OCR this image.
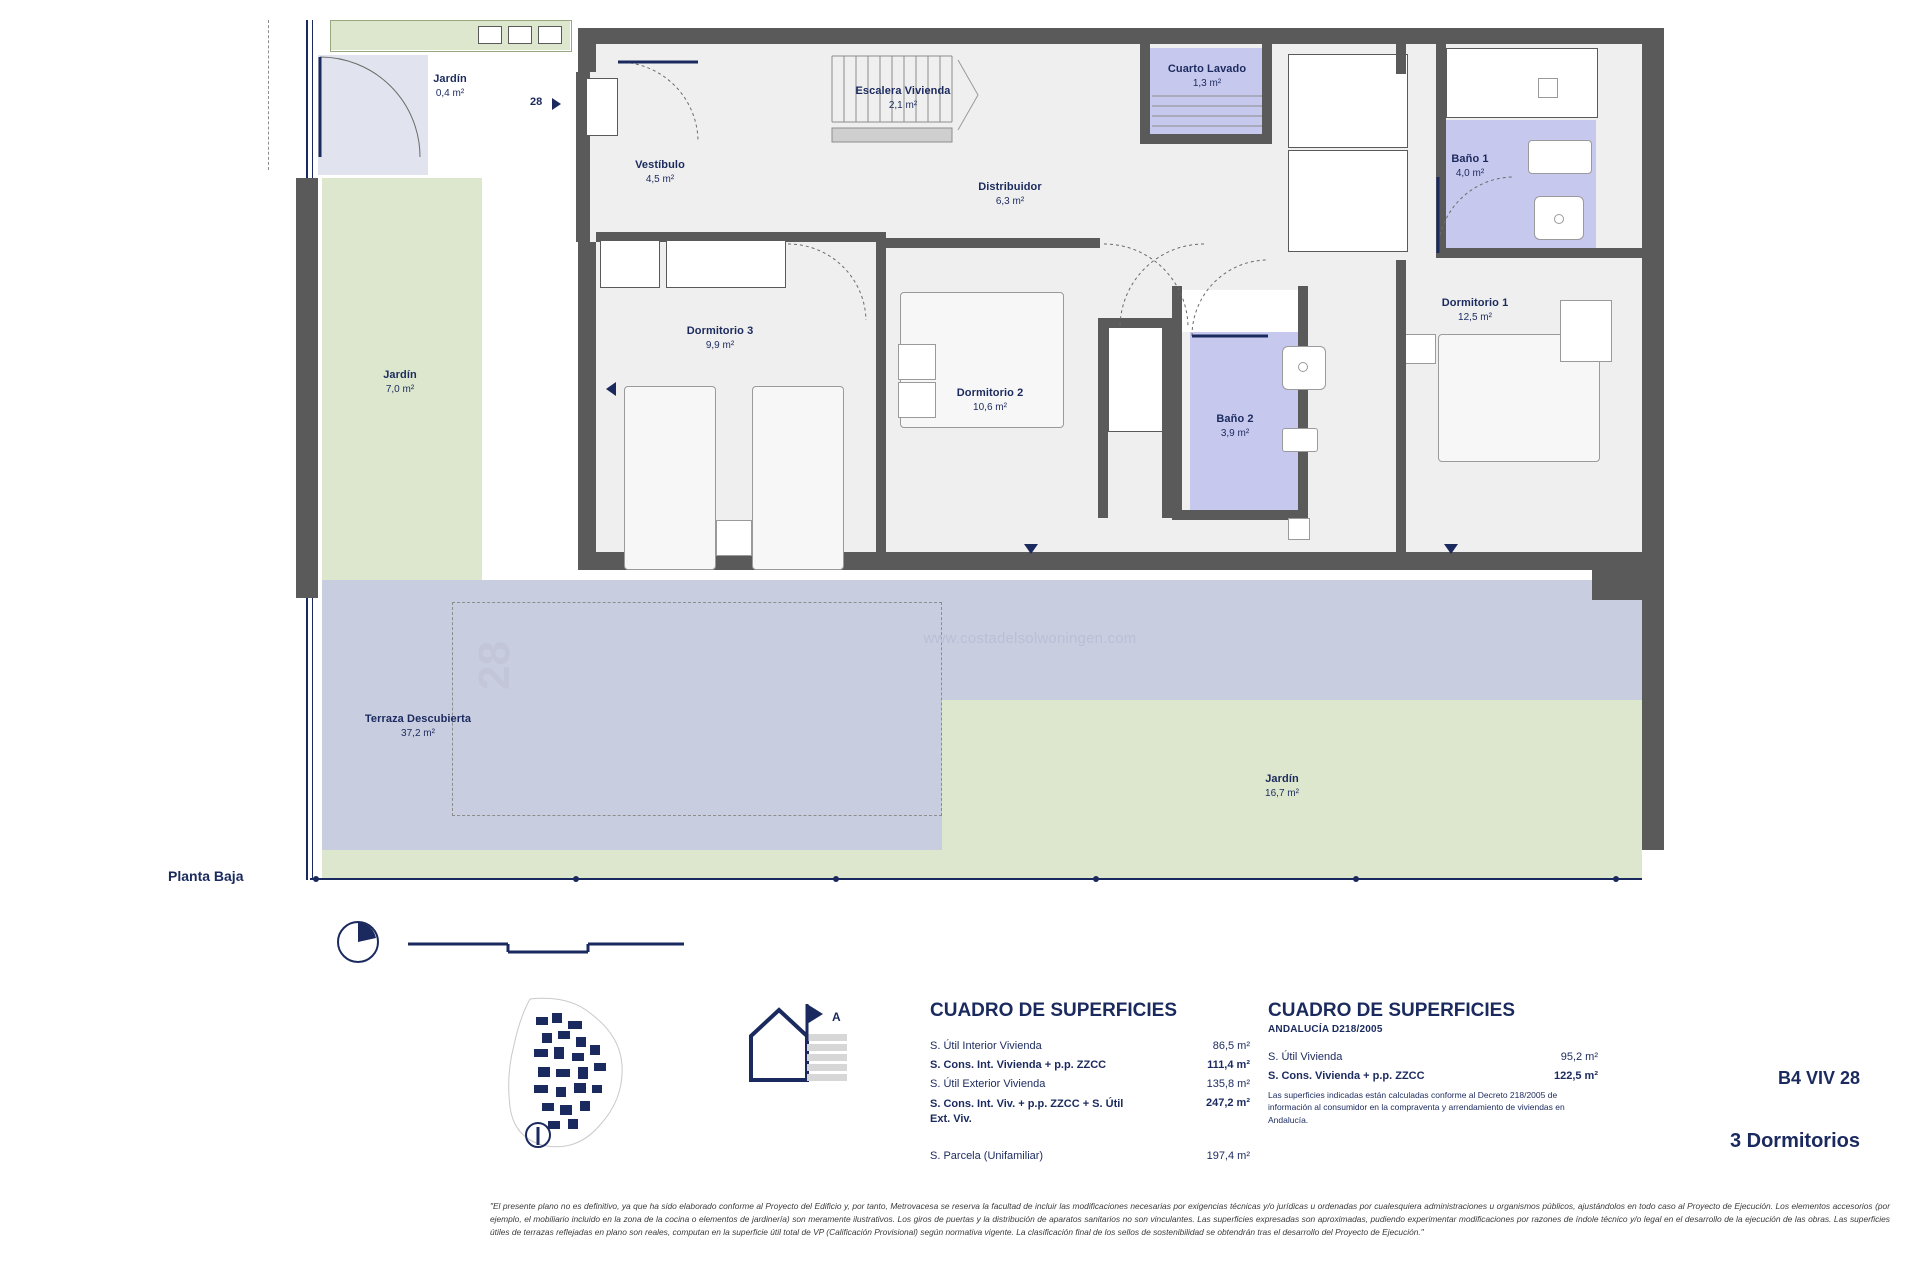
28
28
www.costadelsolwoningen.com
Jardín
0,4 m²
Jardín
7,0 m²
Vestíbulo
4,5 m²
Escalera Vivienda
2,1 m²
Distribuidor
6,3 m²
Cuarto Lavado
1,3 m²
Baño 1
4,0 m²
Dormitorio 1
12,5 m²
Dormitorio 3
9,9 m²
Dormitorio 2
10,6 m²
Baño 2
3,9 m²
Terraza Descubierta
37,2 m²
Jardín
16,7 m²
Planta Baja
A	CUADRO DE SUPERFICIES
S. Útil Interior Vivienda	86,5 m²
S. Cons. Int. Vivienda + p.p. ZZCC	111,4 m²
S. Útil Exterior Vivienda	135,8 m²
S. Cons. Int. Viv. + p.p. ZZCC + S. Útil Ext. Viv.
247,2 m²
S. Parcela (Unifamiliar)	197,4 m²
CUADRO DE SUPERFICIES
ANDALUCÍA D218/2005
S. Útil Vivienda	95,2 m²
S. Cons. Vivienda + p.p. ZZCC	122,5 m²
Las superficies indicadas están calculadas conforme al Decreto 218/2005 de información al consumidor en la compraventa y arrendamiento de viviendas en Andalucía.
B4 VIV 28
3 Dormitorios
"El presente plano no es definitivo, ya que ha sido elaborado conforme al Proyecto del Edificio y, por tanto, Metrovacesa se reserva la facultad de incluir las modificaciones necesarias por exigencias técnicas y/o jurídicas u ordenadas por cualesquiera administraciones u organismos públicos, ajustándolos en todo caso al Proyecto de Ejecución. Los elementos accesorios (por ejemplo, el mobiliario incluido en la zona de la cocina o elementos de jardinería) son meramente ilustrativos. Los giros de puertas y la distribución de aparatos sanitarios no son vinculantes. Las superficies expresadas son aproximadas, pudiendo experimentar modificaciones por razones de índole técnico y/o legal en el desarrollo de la ejecución de las obras. Las superficies útiles de terrazas reflejadas en plano son reales, computan en la superficie útil total de VP (Calificación Provisional) según normativa vigente. La clasificación final de los sellos de sostenibilidad se obtendrán tras el desarrollo del Proyecto de Ejecución."
